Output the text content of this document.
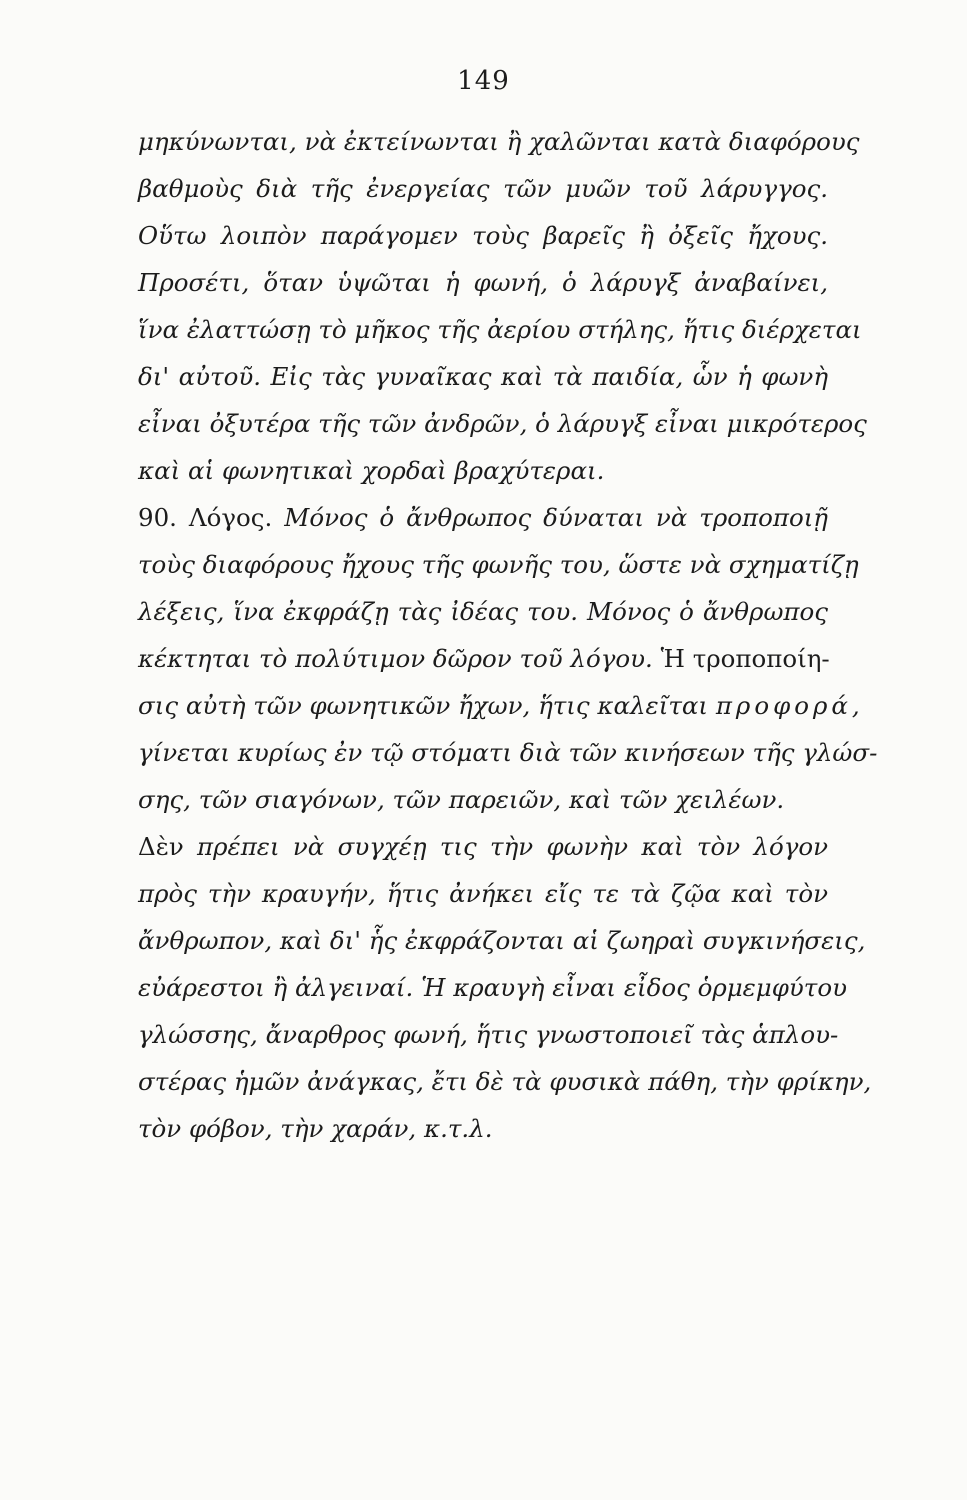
149
μηκύνωνται, νὰ ἐκτείνωνται ἢ χαλῶνται κατὰ διαφόρους
βαθμοὺς διὰ τῆς ἐνεργείας τῶν μυῶν τοῦ λάρυγγος.
Οὕτω λοιπὸν παράγομεν τοὺς βαρεῖς ἢ ὀξεῖς ἤχους.
Προσέτι, ὅταν ὑψῶται ἡ φωνή, ὁ λάρυγξ ἀναβαίνει,
ἵνα ἐλαττώσῃ τὸ μῆκος τῆς ἀερίου στήλης, ἥτις διέρχεται
δι' αὐτοῦ. Εἰς τὰς γυναῖκας καὶ τὰ παιδία, ὧν ἡ φωνὴ
εἶναι ὀξυτέρα τῆς τῶν ἀνδρῶν, ὁ λάρυγξ εἶναι μικρότερος
καὶ αἱ φωνητικαὶ χορδαὶ βραχύτεραι.
90. Λόγος. Μόνος ὁ ἄνθρωπος δύναται νὰ τροποποιῇ
τοὺς διαφόρους ἤχους τῆς φωνῆς του, ὥστε νὰ σχηματίζῃ
λέξεις, ἵνα ἐκφράζῃ τὰς ἰδέας του. Μόνος ὁ ἄνθρωπος
κέκτηται τὸ πολύτιμον δῶρον τοῦ λόγου. Ἡ τροποποίη-
σις αὐτὴ τῶν φωνητικῶν ἤχων, ἥτις καλεῖται προφορά,
γίνεται κυρίως ἐν τῷ στόματι διὰ τῶν κινήσεων τῆς γλώσ-
σης, τῶν σιαγόνων, τῶν παρειῶν, καὶ τῶν χειλέων.
Δὲν πρέπει νὰ συγχέῃ τις τὴν φωνὴν καὶ τὸν λόγον
πρὸς τὴν κραυγήν, ἥτις ἀνήκει εἴς τε τὰ ζῷα καὶ τὸν
ἄνθρωπον, καὶ δι' ἧς ἐκφράζονται αἱ ζωηραὶ συγκινήσεις,
εὐάρεστοι ἢ ἀλγειναί. Ἡ κραυγὴ εἶναι εἶδος ὁρμεμφύτου
γλώσσης, ἄναρθρος φωνή, ἥτις γνωστοποιεῖ τὰς ἁπλου-
στέρας ἡμῶν ἀνάγκας, ἔτι δὲ τὰ φυσικὰ πάθη, τὴν φρίκην,
τὸν φόβον, τὴν χαράν, κ.τ.λ.
